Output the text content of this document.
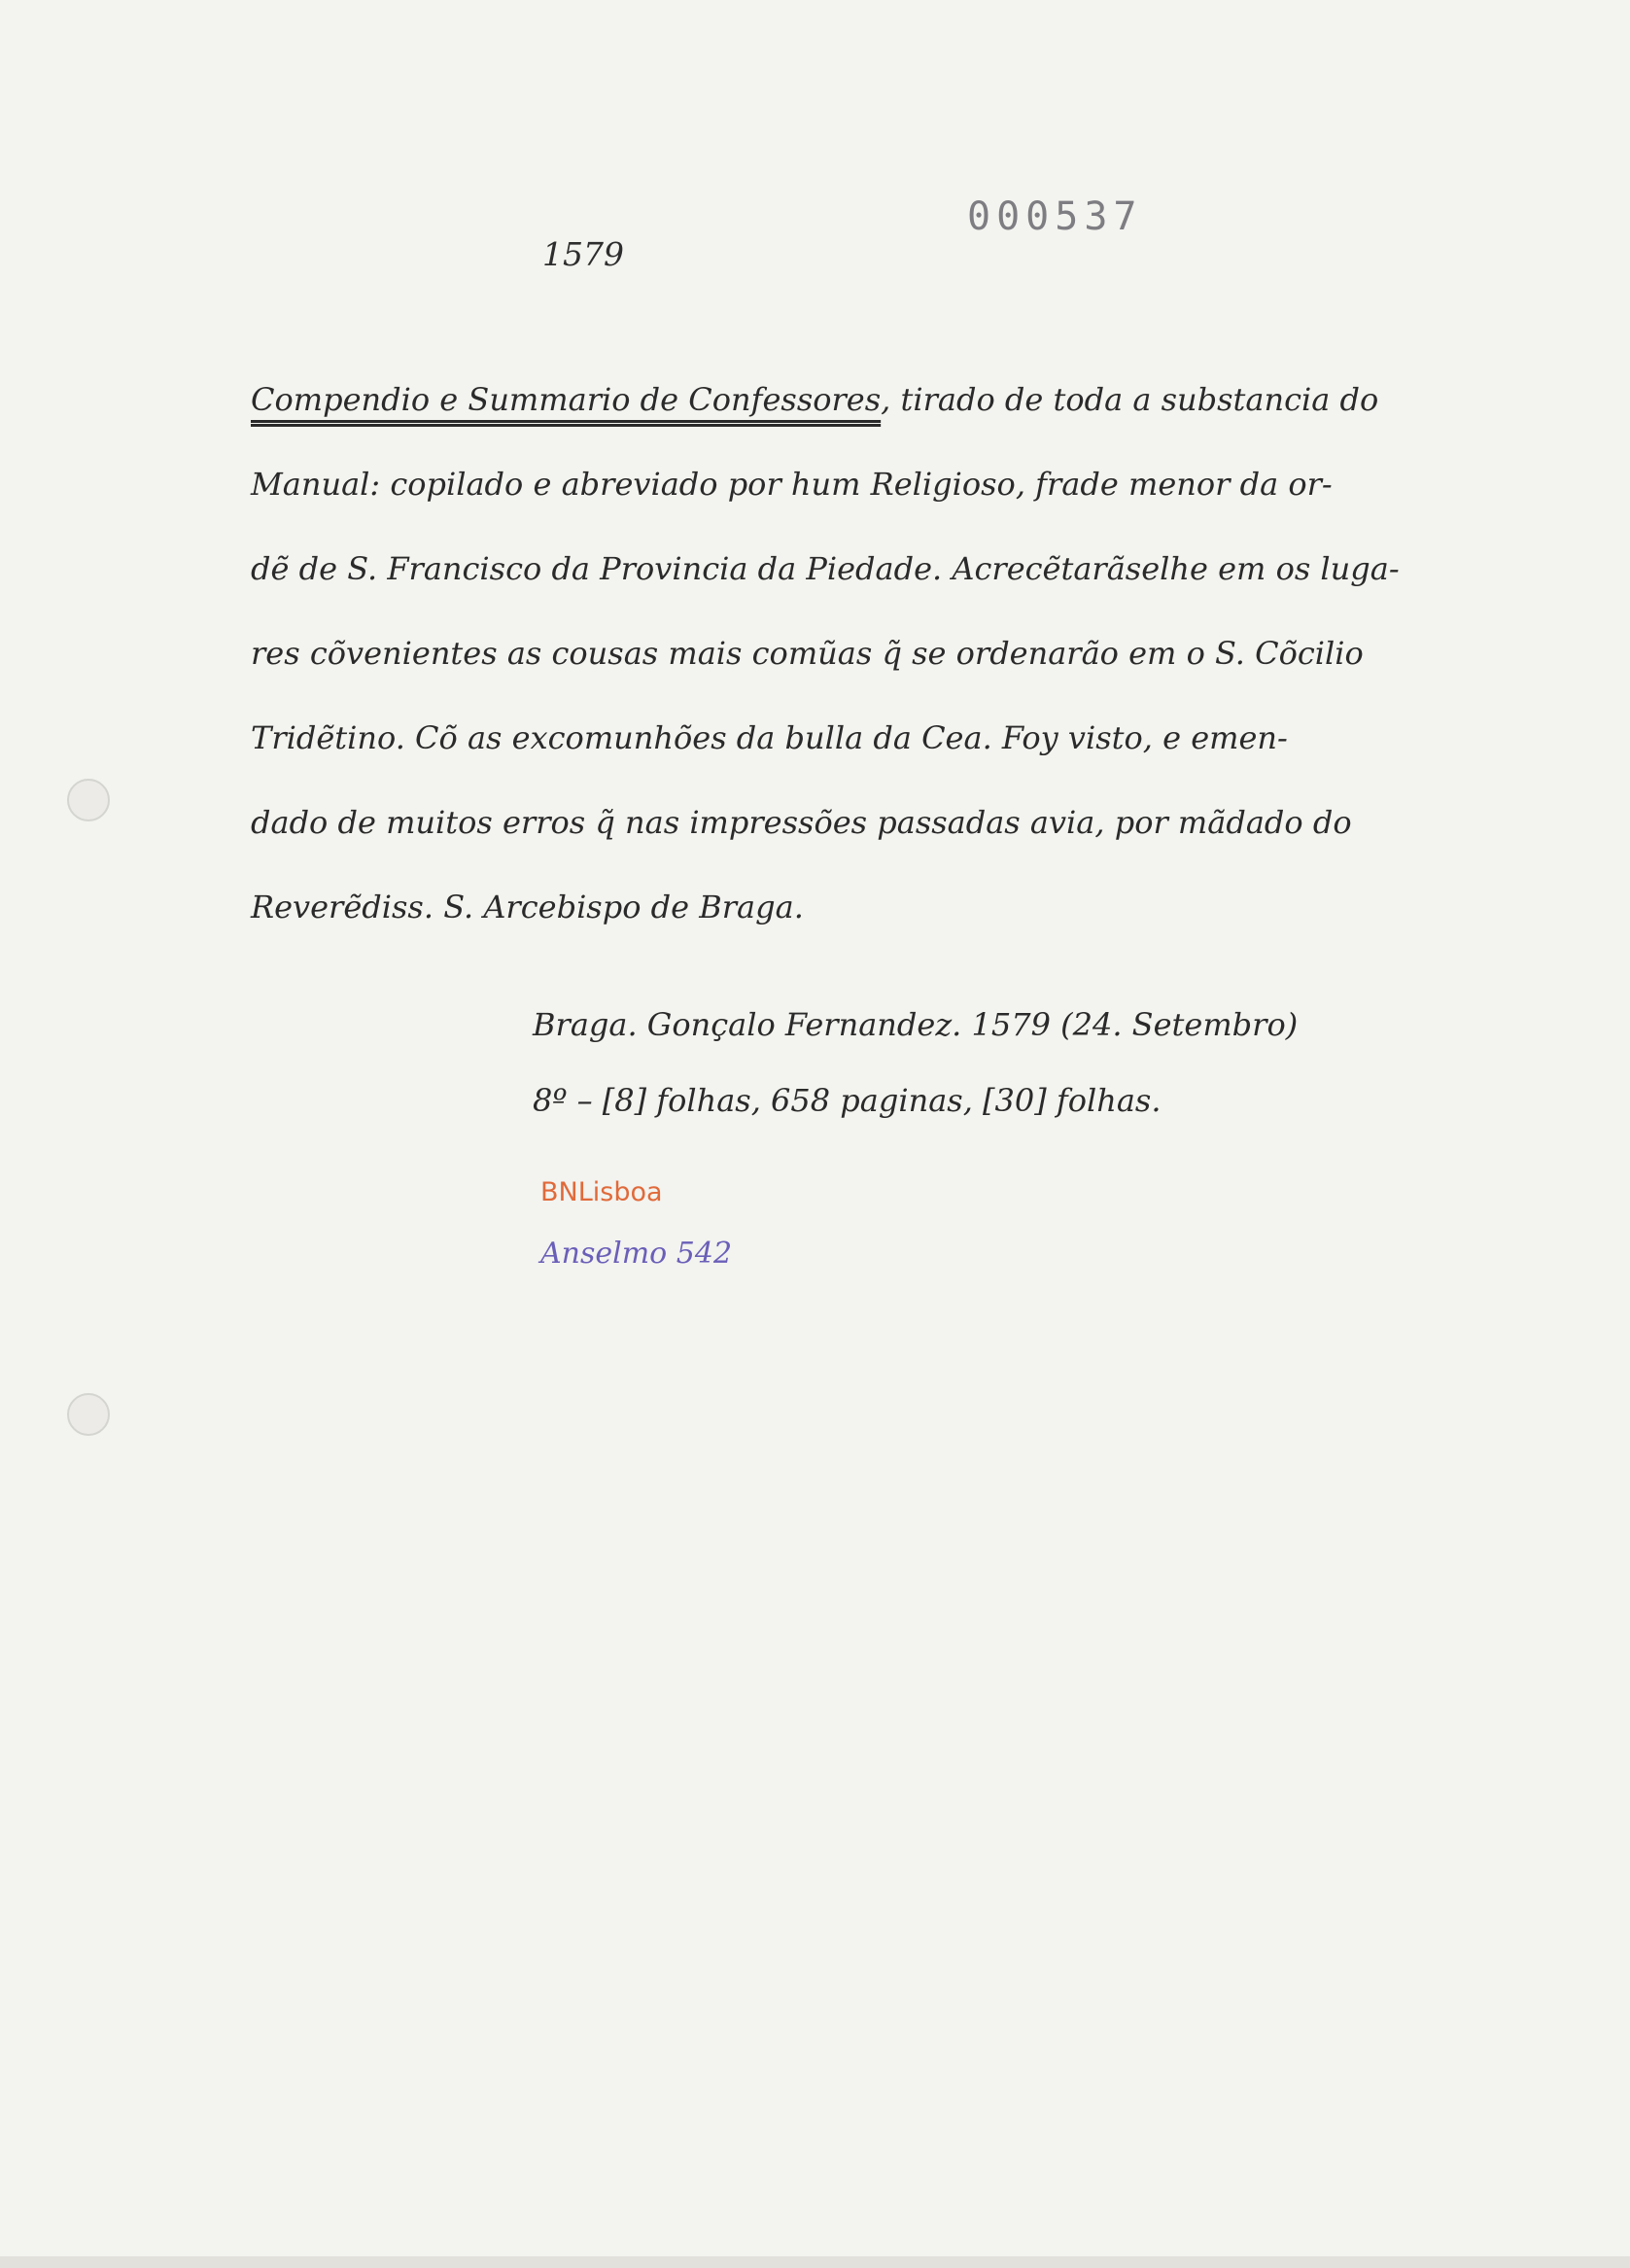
000537
1579
Compendio e Summario de Confessores, tirado de toda a substancia do
Manual: copilado e abreviado por hum Religioso, frade menor da or-
dẽ de S. Francisco da Provincia da Piedade. Acrecẽtarãselhe em os luga-
res cõvenientes as cousas mais comũas q̃ se ordenarão em o S. Cõcilio
Tridẽtino. Cõ as excomunhões da bulla da Cea. Foy visto, e emen-
dado de muitos erros q̃ nas impressões passadas avia, por mãdado do
Reverẽdiss. S. Arcebispo de Braga.
Braga. Gonçalo Fernandez. 1579 (24. Setembro)
8º – [8] folhas, 658 paginas, [30] folhas.
BNLisboa
Anselmo 542
